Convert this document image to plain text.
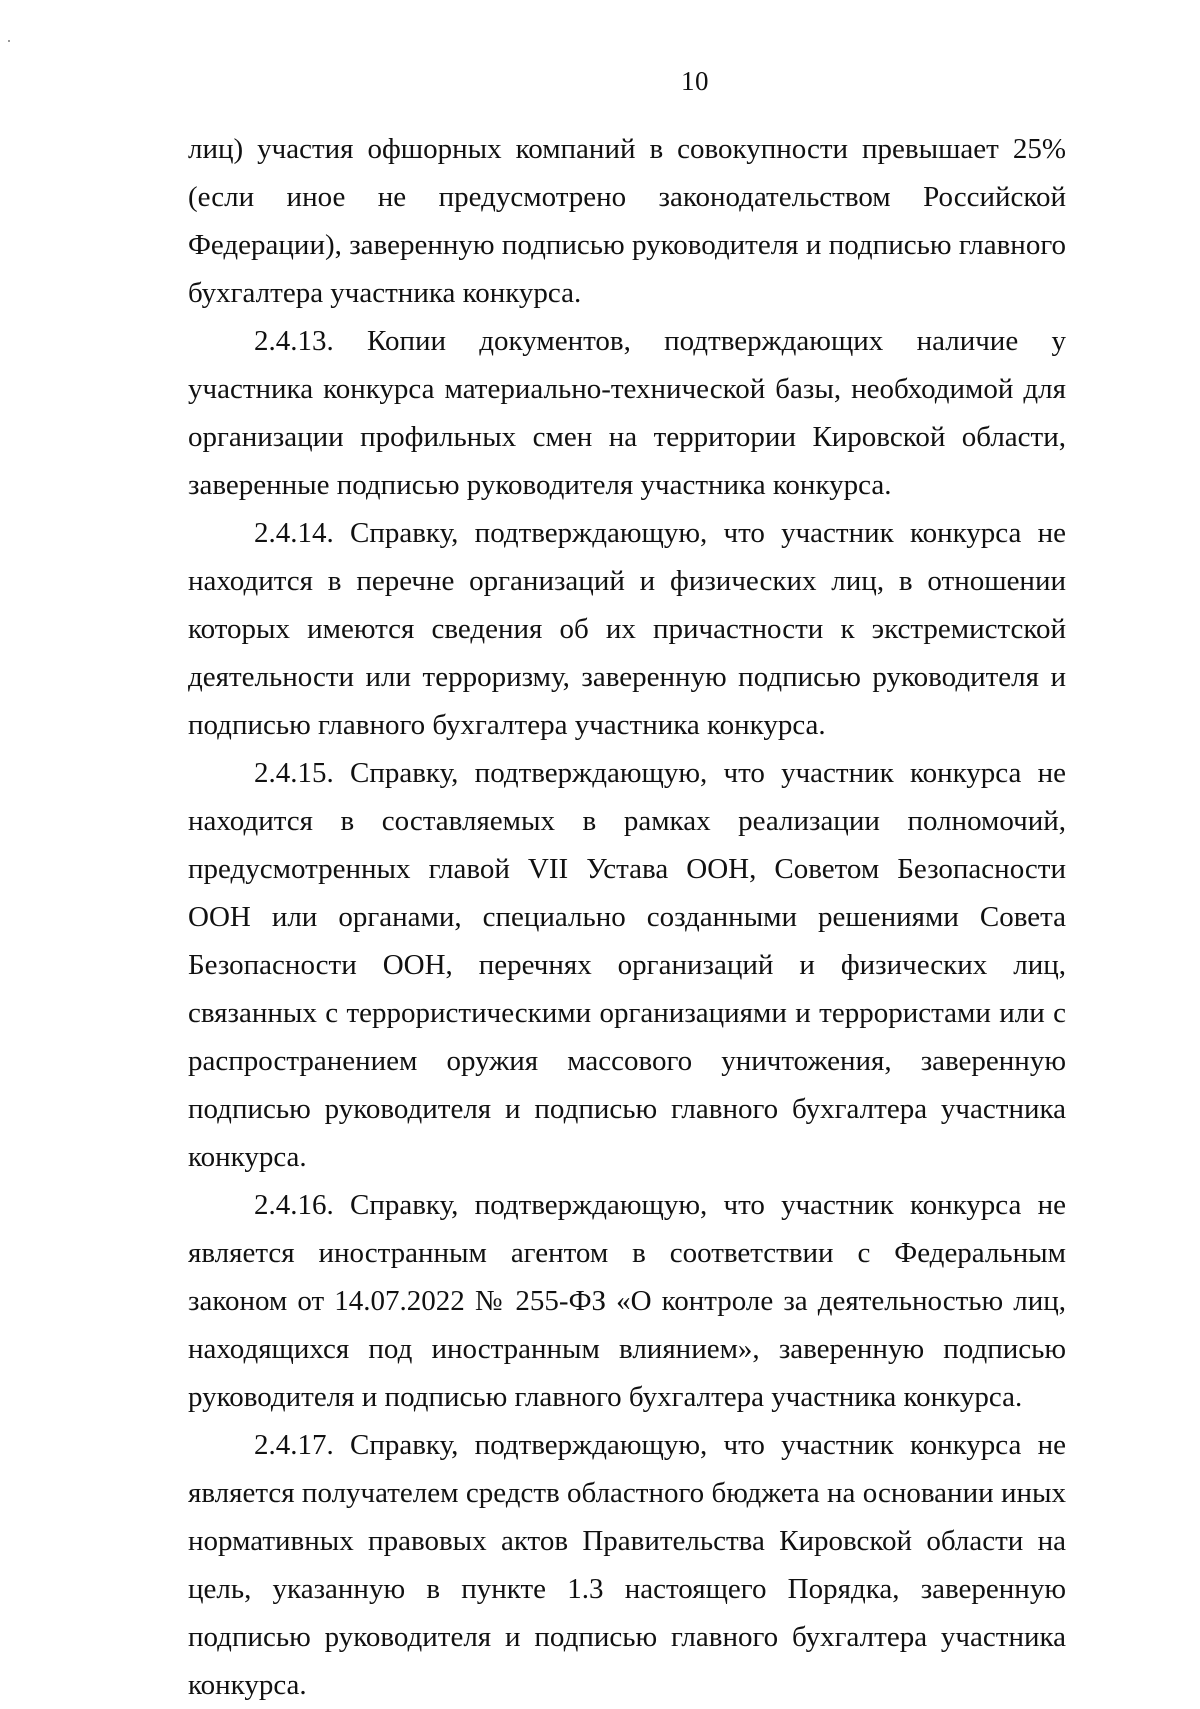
10

лиц) участия офшорных компаний в совокупности превышает 25% (если иное не предусмотрено законодательством Российской Федерации), заверенную подписью руководителя и подписью главного бухгалтера участника конкурса.

2.4.13. Копии документов, подтверждающих наличие у участника конкурса материально-технической базы, необходимой для организации профильных смен на территории Кировской области, заверенные подписью руководителя участника конкурса.

2.4.14. Справку, подтверждающую, что участник конкурса не находится в перечне организаций и физических лиц, в отношении которых имеются сведения об их причастности к экстремистской деятельности или терроризму, заверенную подписью руководителя и подписью главного бухгалтера участника конкурса.

2.4.15. Справку, подтверждающую, что участник конкурса не находится в составляемых в рамках реализации полномочий, предусмотренных главой VII Устава ООН, Советом Безопасности ООН или органами, специально созданными решениями Совета Безопасности ООН, перечнях организаций и физических лиц, связанных с террористическими организациями и террористами или с распространением оружия массового уничтожения, заверенную подписью руководителя и подписью главного бухгалтера участника конкурса.

2.4.16. Справку, подтверждающую, что участник конкурса не является иностранным агентом в соответствии с Федеральным законом от 14.07.2022 № 255-ФЗ «О контроле за деятельностью лиц, находящихся под иностранным влиянием», заверенную подписью руководителя и подписью главного бухгалтера участника конкурса.

2.4.17. Справку, подтверждающую, что участник конкурса не является получателем средств областного бюджета на основании иных нормативных правовых актов Правительства Кировской области на цель, указанную в пункте 1.3 настоящего Порядка, заверенную подписью руководителя и подписью главного бухгалтера участника конкурса.
